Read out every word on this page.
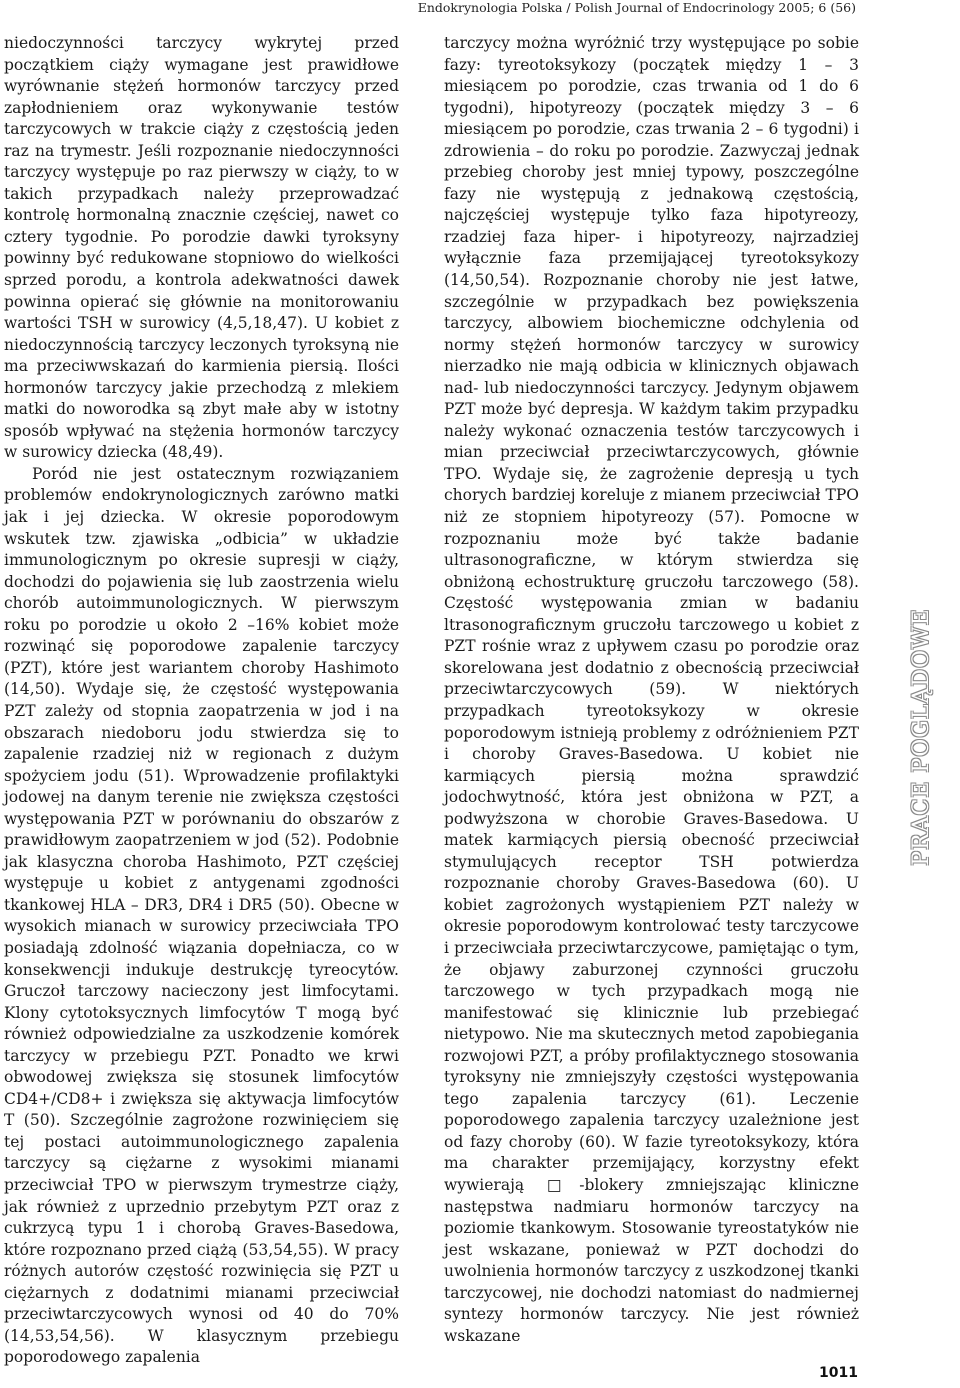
Endokrynologia Polska / Polish Journal of Endocrinology 2005; 6 (56)

niedoczynności tarczycy wykrytej przed początkiem ciąży wymagane jest prawidłowe wyrównanie stężeń hormonów tarczycy przed zapłodnieniem oraz wykonywanie testów tarczycowych w trakcie ciąży z częstością jeden raz na trymestr. Jeśli rozpoznanie niedoczynności tarczycy występuje po raz pierwszy w ciąży, to w takich przypadkach należy przeprowadzać kontrolę hormonalną znacznie częściej, nawet co cztery tygodnie. Po porodzie dawki tyroksyny powinny być redukowane stopniowo do wielkości sprzed porodu, a kontrola adekwatności dawek powinna opierać się głównie na monitorowaniu wartości TSH w surowicy (4,5,18,47). U kobiet z niedoczynnością tarczycy leczonych tyroksyną nie ma przeciwwskazań do karmienia piersią. Ilości hormonów tarczycy jakie przechodzą z mlekiem matki do noworodka są zbyt małe aby w istotny sposób wpływać na stężenia hormonów tarczycy w surowicy dziecka (48,49).

Poród nie jest ostatecznym rozwiązaniem problemów endokrynologicznych zarówno matki jak i jej dziecka. W okresie poporodowym wskutek tzw. zjawiska „odbicia” w układzie immunologicznym po okresie supresji w ciąży, dochodzi do pojawienia się lub zaostrzenia wielu chorób autoimmunologicznych. W pierwszym roku po porodzie u około 2 –16% kobiet może rozwinąć się poporodowe zapalenie tarczycy (PZT), które jest wariantem choroby Hashimoto (14,50). Wydaje się, że częstość występowania PZT zależy od stopnia zaopatrzenia w jod i na obszarach niedoboru jodu stwierdza się to zapalenie rzadziej niż w regionach z dużym spożyciem jodu (51). Wprowadzenie profilaktyki jodowej na danym terenie nie zwiększa częstości występowania PZT w porównaniu do obszarów z prawidłowym zaopatrzeniem w jod (52). Podobnie jak klasyczna choroba Hashimoto, PZT częściej występuje u kobiet z antygenami zgodności tkankowej HLA – DR3, DR4 i DR5 (50). Obecne w wysokich mianach w surowicy przeciwciała TPO posiadają zdolność wiązania dopełniacza, co w konsekwencji indukuje destrukcję tyreocytów. Gruczoł tarczowy nacieczony jest limfocytami. Klony cytotoksycznych limfocytów T mogą być również odpowiedzialne za uszkodzenie komórek tarczycy w przebiegu PZT. Ponadto we krwi obwodowej zwiększa się stosunek limfocytów CD4+/CD8+ i zwiększa się aktywacja limfocytów T (50). Szczególnie zagrożone rozwinięciem się tej postaci autoimmunologicznego zapalenia tarczycy są ciężarne z wysokimi mianami przeciwciał TPO w pierwszym trymestrze ciąży, jak również z uprzednio przebytym PZT oraz z cukrzycą typu 1 i chorobą Graves-Basedowa, które rozpoznano przed ciążą (53,54,55). W pracy różnych autorów częstość rozwinięcia się PZT u ciężarnych z dodatnimi mianami przeciwciał przeciwtarczycowych wynosi od 40 do 70% (14,53,54,56). W klasycznym przebiegu poporodowego zapalenia

tarczycy można wyróżnić trzy występujące po sobie fazy: tyreotoksykozy (początek między 1 – 3 miesiącem po porodzie, czas trwania od 1 do 6 tygodni), hipotyreozy (początek między 3 – 6 miesiącem po porodzie, czas trwania 2 – 6 tygodni) i zdrowienia – do roku po porodzie. Zazwyczaj jednak przebieg choroby jest mniej typowy, poszczególne fazy nie występują z jednakową częstością, najczęściej występuje tylko faza hipotyreozy, rzadziej faza hiper- i hipotyreozy, najrzadziej wyłącznie faza przemijającej tyreotoksykozy (14,50,54). Rozpoznanie choroby nie jest łatwe, szczególnie w przypadkach bez powiększenia tarczycy, albowiem biochemiczne odchylenia od normy stężeń hormonów tarczycy w surowicy nierzadko nie mają odbicia w klinicznych objawach nad- lub niedoczynności tarczycy. Jedynym objawem PZT może być depresja. W każdym takim przypadku należy wykonać oznaczenia testów tarczycowych i mian przeciwciał przeciwtarczycowych, głównie TPO. Wydaje się, że zagrożenie depresją u tych chorych bardziej koreluje z mianem przeciwciał TPO niż ze stopniem hipotyreozy (57). Pomocne w rozpoznaniu może być także badanie ultrasonograficzne, w którym stwierdza się obniżoną echostrukturę gruczołu tarczowego (58). Częstość występowania zmian w badaniu ltrasonograficznym gruczołu tarczowego u kobiet z PZT rośnie wraz z upływem czasu po porodzie oraz skorelowana jest dodatnio z obecnością przeciwciał przeciwtarczycowych (59). W niektórych przypadkach tyreotoksykozy w okresie poporodowym istnieją problemy z odróżnieniem PZT i choroby Graves-Basedowa. U kobiet nie karmiących piersią można sprawdzić jodochwytność, która jest obniżona w PZT, a podwyższona w chorobie Graves-Basedowa. U matek karmiących piersią obecność przeciwciał stymulujących receptor TSH potwierdza rozpoznanie choroby Graves-Basedowa (60). U kobiet zagrożonych wystąpieniem PZT należy w okresie poporodowym kontrolować testy tarczycowe i przeciwciała przeciwtarczycowe, pamiętając o tym, że objawy zaburzonej czynności gruczołu tarczowego w tych przypadkach mogą nie manifestować się klinicznie lub przebiegać nietypowo. Nie ma skutecznych metod zapobiegania rozwojowi PZT, a próby profilaktycznego stosowania tyroksyny nie zmniejszyły częstości występowania tego zapalenia tarczycy (61). Leczenie poporodowego zapalenia tarczycy uzależnione jest od fazy choroby (60). W fazie tyreotoksykozy, która ma charakter przemijający, korzystny efekt wywierają □-blokery zmniejszając kliniczne następstwa nadmiaru hormonów tarczycy na poziomie tkankowym. Stosowanie tyreostatyków nie jest wskazane, ponieważ w PZT dochodzi do uwolnienia hormonów tarczycy z uszkodzonej tkanki tarczycowej, nie dochodzi natomiast do nadmiernej syntezy hormonów tarczycy. Nie jest również wskazane

PRACE POGLĄDOWE
1011
